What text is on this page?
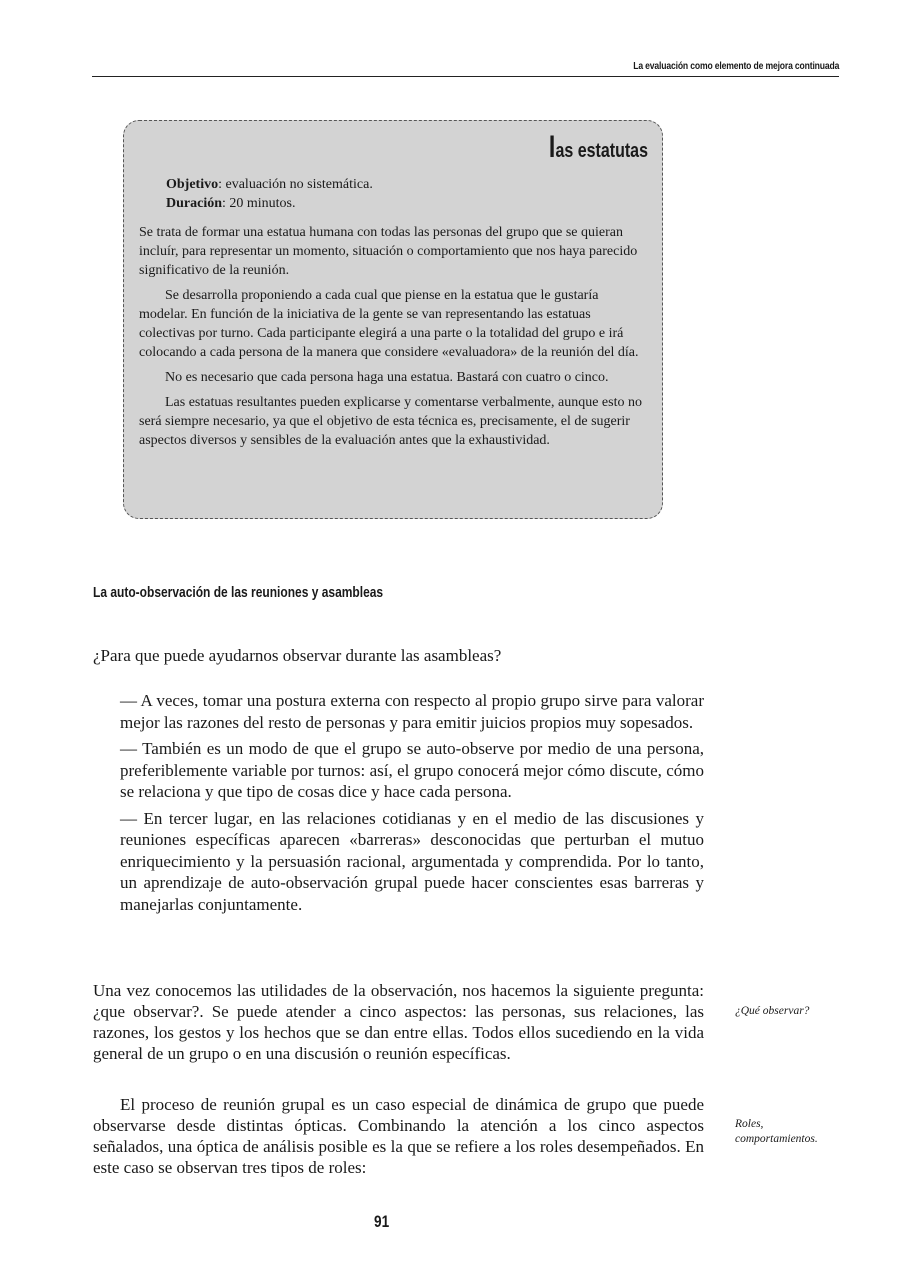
La evaluación como elemento de mejora continuada
las estatutas
Objetivo: evaluación no sistemática.
Duración: 20 minutos.

Se trata de formar una estatua humana con todas las personas del grupo que se quieran incluír, para representar un momento, situación o comportamiento que nos haya parecido significativo de la reunión.

Se desarrolla proponiendo a cada cual que piense en la estatua que le gustaría modelar. En función de la iniciativa de la gente se van representando las estatuas colectivas por turno. Cada participante elegirá a una parte o la totalidad del grupo e irá colocando a cada persona de la manera que considere «evaluadora» de la reunión del día.

No es necesario que cada persona haga una estatua. Bastará con cuatro o cinco.

Las estatuas resultantes pueden explicarse y comentarse verbalmente, aunque esto no será siempre necesario, ya que el objetivo de esta técnica es, precisamente, el de sugerir aspectos diversos y sensibles de la evaluación antes que la exhaustividad.

La auto-observación de las reuniones y asambleas
¿Para que puede ayudarnos observar durante las asambleas?

— A veces, tomar una postura externa con respecto al propio grupo sirve para valorar mejor las razones del resto de personas y para emitir juicios propios muy sopesados.

— También es un modo de que el grupo se auto-observe por medio de una persona, preferiblemente variable por turnos: así, el grupo conocerá mejor cómo discute, cómo se relaciona y que tipo de cosas dice y hace cada persona.

— En tercer lugar, en las relaciones cotidianas y en el medio de las discusiones y reuniones específicas aparecen «barreras» desconocidas que perturban el mutuo enriquecimiento y la persuasión racional, argumentada y comprendida. Por lo tanto, un aprendizaje de auto-observación grupal puede hacer conscientes esas barreras y manejarlas conjuntamente.

Una vez conocemos las utilidades de la observación, nos hacemos la siguiente pregunta: ¿que observar?. Se puede atender a cinco aspectos: las personas, sus relaciones, las razones, los gestos y los hechos que se dan entre ellas. Todos ellos sucediendo en la vida general de un grupo o en una discusión o reunión específicas.

El proceso de reunión grupal es un caso especial de dinámica de grupo que puede observarse desde distintas ópticas. Combinando la atención a los cinco aspectos señalados, una óptica de análisis posible es la que se refiere a los roles desempeñados. En este caso se observan tres tipos de roles:

¿Qué observar?
Roles,
comportamientos.
91
